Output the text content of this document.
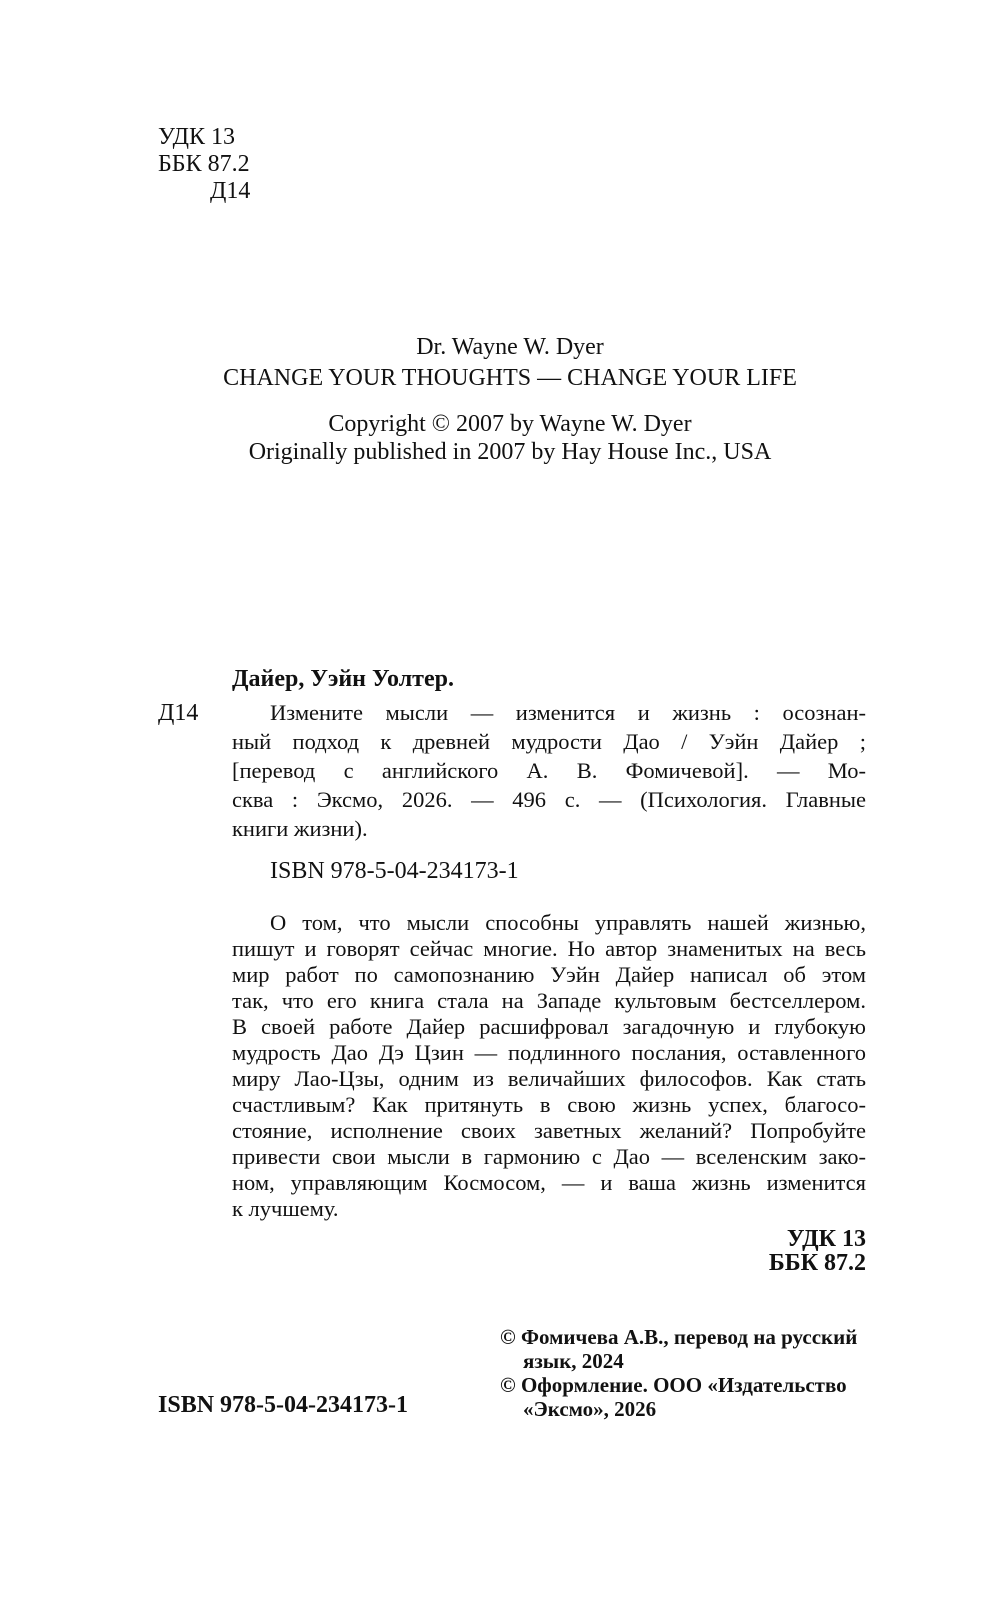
УДК 13
ББК 87.2
Д14
Dr. Wayne W. Dyer
CHANGE YOUR THOUGHTS — CHANGE YOUR LIFE
Copyright © 2007 by Wayne W. Dyer
Originally published in 2007 by Hay House Inc., USA
Дайер, Уэйн Уолтер.
Д14	Измените мысли — изменится и жизнь : осознан-
ный подход к древней мудрости Дао / Уэйн Дайер ;
[перевод с английского А. В. Фомичевой]. — Мо-
сква : Эксмо, 2026. — 496 с. — (Психология. Главные
книги жизни).
ISBN 978-5-04-234173-1
О том, что мысли способны управлять нашей жизнью,
пишут и говорят сейчас многие. Но автор знаменитых на весь
мир работ по самопознанию Уэйн Дайер написал об этом
так, что его книга стала на Западе культовым бестселлером.
В своей работе Дайер расшифровал загадочную и глубокую
мудрость Дао Дэ Цзин — подлинного послания, оставленного
миру Лао-Цзы, одним из величайших философов. Как стать
счастливым? Как притянуть в свою жизнь успех, благосо-
стояние, исполнение своих заветных желаний? Попробуйте
привести свои мысли в гармонию с Дао — вселенским зако-
ном, управляющим Космосом, — и ваша жизнь изменится
к лучшему.
УДК 13
ББК 87.2
© Фомичева А.В., перевод на русский
язык, 2024
© Оформление. ООО «Издательство
«Эксмо», 2026
ISBN 978-5-04-234173-1
